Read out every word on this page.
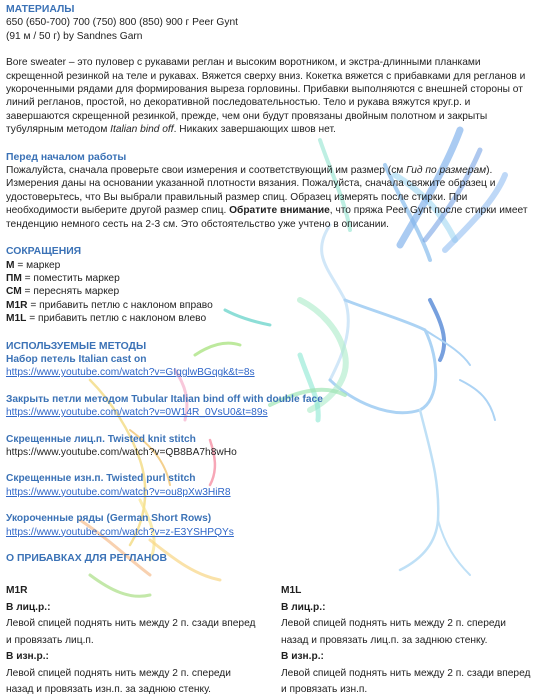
МАТЕРИАЛЫ

650 (650-700) 700 (750) 800 (850) 900 г Peer Gynt

(91 м / 50 г) by Sandnes Garn

Bore sweater – это пуловер с рукавами реглан и высоким воротником, и экстра-длинными планками скрещенной резинкой на теле и рукавах. Вяжется сверху вниз. Кокетка вяжется с прибавками для регланов и укороченными рядами для формирования выреза горловины. Прибавки выполняются с внешней стороны от линий регланов, простой, но декоративной последовательностью. Тело и рукава вяжутся круг.р. и завершаются скрещенной резинкой, прежде, чем они будут провязаны двойным полотном и закрыты тубулярным методом Italian bind off. Никаких завершающих швов нет.

Перед началом работы

Пожалуйста, сначала проверьте свои измерения и соответствующий им размер (см Гид по размерам).

Измерения даны на основании указанной плотности вязания. Пожалуйста, сначала свяжите образец и удостоверьтесь, что Вы выбрали правильный размер спиц. Образец измерять после стирки. При необходимости выберите другой размер спиц. Обратите внимание, что пряжа Peer Gynt после стирки имеет тенденцию немного сесть на 2-3 см. Это обстоятельство уже учтено в описании.

СОКРАЩЕНИЯ

М = маркер

ПМ = поместить маркер

СМ = переснять маркер

M1R = прибавить петлю с наклоном вправо

M1L = прибавить петлю с наклоном влево

ИСПОЛЬЗУЕМЫЕ МЕТОДЫ

Набор петель Italian cast on

https://www.youtube.com/watch?v=GIgglwBGqgk&t=8s

Закрыть петли методом Tubular Italian bind off with double face

https://www.youtube.com/watch?v=0W14R_0VsU0&t=89s

Скрещенные лиц.п. Twisted knit stitch

https://www.youtube.com/watch?v=QB8BA7h8wHo

Скрещенные изн.п. Twisted purl stitch

https://www.youtube.com/watch?v=ou8pXw3HiR8

Укороченные ряды (German Short Rows)

https://www.youtube.com/watch?v=z-E3YSHPQYs

О ПРИБАВКАХ ДЛЯ РЕГЛАНОВ

M1R

В лиц.р.:

Левой спицей поднять нить между 2 п. сзади вперед и провязать лиц.п.

В изн.р.:

Левой спицей поднять нить между 2 п. спереди назад и провязать изн.п. за заднюю стенку.

M1L

В лиц.р.:

Левой спицей поднять нить между 2 п. спереди назад и провязать лиц.п. за заднюю стенку.

В изн.р.:

Левой спицей поднять нить между 2 п. сзади вперед и провязать изн.п.
